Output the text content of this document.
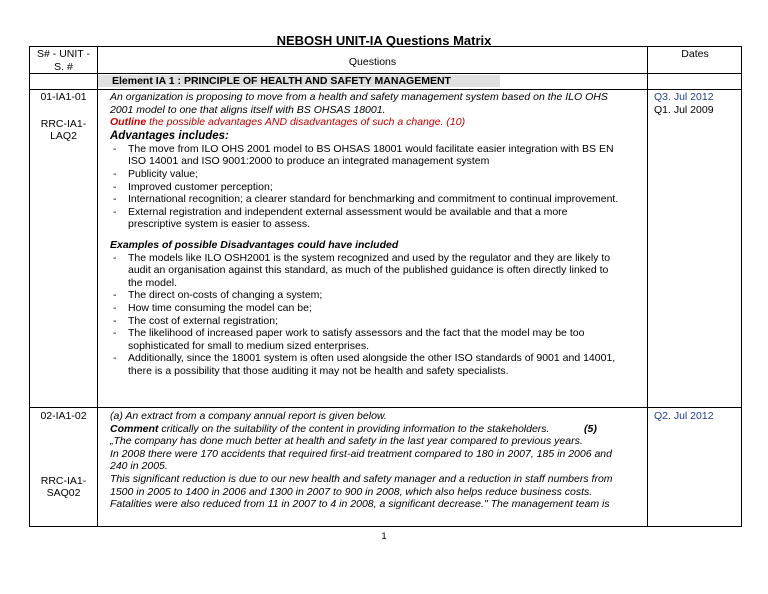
NEBOSH UNIT-IA Questions Matrix
S# - UNIT -
S. #	Questions
Dates
Element IA 1 : PRINCIPLE OF HEALTH AND SAFETY MANAGEMENT
01-IA1-01
RRC-IA1-
LAQ2

An organization is proposing to move from a health and safety management system based on the ILO OHS

2001 model to one that aligns itself with BS OHSAS 18001.

Outline the possible advantages AND disadvantages of such a change. (10)

Advantages includes:

- The move from ILO OHS 2001 model to BS OHSAS 18001 would facilitate easier integration with BS EN
ISO 14001 and ISO 9001:2000 to produce an integrated management system
- Publicity value;
- Improved customer perception;
- International recognition; a clearer standard for benchmarking and commitment to continual improvement.
- External registration and independent external assessment would be available and that a more
prescriptive system is easier to assess.

Examples of possible Disadvantages could have included

- The models like ILO OSH2001 is the system recognized and used by the regulator and they are likely to
audit an organisation against this standard, as much of the published guidance is often directly linked to
the model.
- The direct on-costs of changing a system;
- How time consuming the model can be;
- The cost of external registration;
- The likelihood of increased paper work to satisfy assessors and the fact that the model may be too
sophisticated for small to medium sized enterprises.
- Additionally, since the 18001 system is often used alongside the other ISO standards of 9001 and 14001,
there is a possibility that those auditing it may not be health and safety specialists.
Q3. Jul 2012
Q1. Jul 2009
02-IA1-02
RRC-IA1-
SAQ02

(a) An extract from a company annual report is given below.

Comment critically on the suitability of the content in providing information to the stakeholders.	(5)

„The company has done much better at health and safety in the last year compared to previous years.
In 2008 there were 170 accidents that required first-aid treatment compared to 180 in 2007, 185 in 2006 and
240 in 2005.
This significant reduction is due to our new health and safety manager and a reduction in staff numbers from
1500 in 2005 to 1400 in 2006 and 1300 in 2007 to 900 in 2008, which also helps reduce business costs.
Fatalities were also reduced from 11 in 2007 to 4 in 2008, a significant decrease." The management team is
Q2. Jul 2012
1
